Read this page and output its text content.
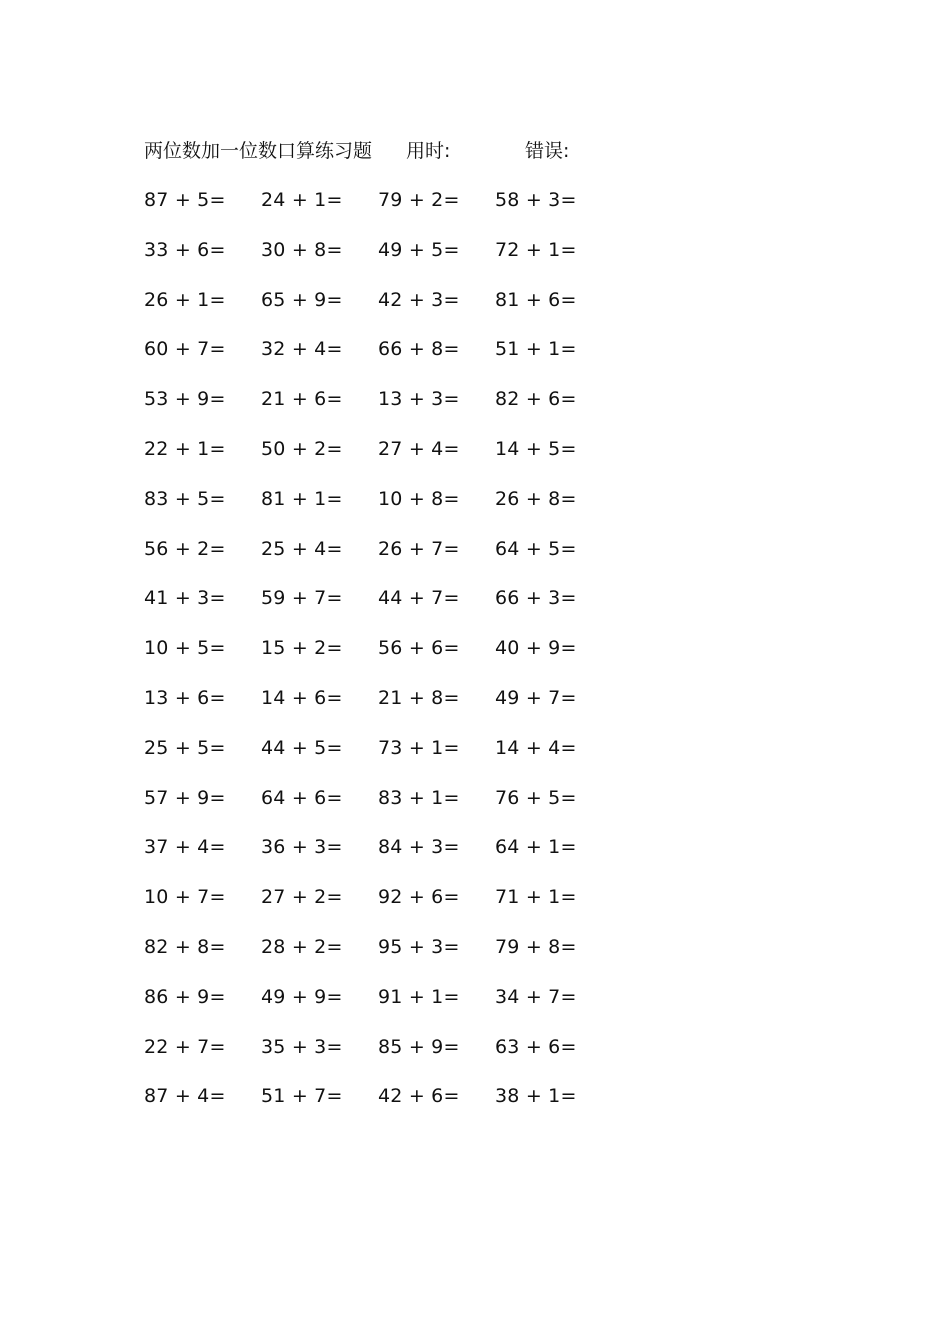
两位数加一位数口算练习题 用时:	错误:
87 + 5=	24 + 1=	79 + 2=	58 + 3=
33 + 6=	30 + 8=	49 + 5=	72 + 1=
26 + 1=	65 + 9=	42 + 3=	81 + 6=
60 + 7=	32 + 4=	66 + 8=	51 + 1=
53 + 9=	21 + 6=	13 + 3=	82 + 6=
22 + 1=	50 + 2=	27 + 4=	14 + 5=
83 + 5=	81 + 1=	10 + 8=	26 + 8=
56 + 2=	25 + 4=	26 + 7=	64 + 5=
41 + 3=	59 + 7=	44 + 7=	66 + 3=
10 + 5=	15 + 2=	56 + 6=	40 + 9=
13 + 6=	14 + 6=	21 + 8=	49 + 7=
25 + 5=	44 + 5=	73 + 1=	14 + 4=
57 + 9=	64 + 6=	83 + 1=	76 + 5=
37 + 4=	36 + 3=	84 + 3=	64 + 1=
10 + 7=	27 + 2=	92 + 6=	71 + 1=
82 + 8=	28 + 2=	95 + 3=	79 + 8=
86 + 9=	49 + 9=	91 + 1=	34 + 7=
22 + 7=	35 + 3=	85 + 9=	63 + 6=
87 + 4=	51 + 7=	42 + 6=	38 + 1=
